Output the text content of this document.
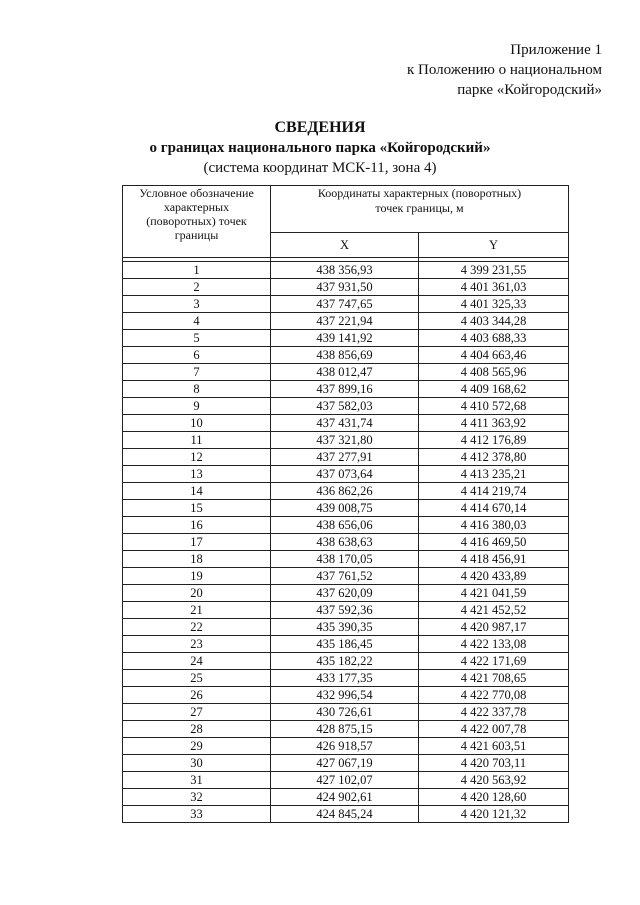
Приложение 1
к Положению о национальном
парке «Койгородский»
СВЕДЕНИЯ
о границах национального парка «Койгородский»
(система координат МСК-11, зона 4)
Условное обозначение
характерных
(поворотных) точек
границы	Координаты характерных (поворотных)
точек границы, м	

	X	Y

1	438 356,93	4 399 231,55
2	437 931,50	4 401 361,03
3	437 747,65	4 401 325,33
4	437 221,94	4 403 344,28
5	439 141,92	4 403 688,33
6	438 856,69	4 404 663,46
7	438 012,47	4 408 565,96
8	437 899,16	4 409 168,62
9	437 582,03	4 410 572,68
10	437 431,74	4 411 363,92
11	437 321,80	4 412 176,89
12	437 277,91	4 412 378,80
13	437 073,64	4 413 235,21
14	436 862,26	4 414 219,74
15	439 008,75	4 414 670,14
16	438 656,06	4 416 380,03
17	438 638,63	4 416 469,50
18	438 170,05	4 418 456,91
19	437 761,52	4 420 433,89
20	437 620,09	4 421 041,59
21	437 592,36	4 421 452,52
22	435 390,35	4 420 987,17
23	435 186,45	4 422 133,08
24	435 182,22	4 422 171,69
25	433 177,35	4 421 708,65
26	432 996,54	4 422 770,08
27	430 726,61	4 422 337,78
28	428 875,15	4 422 007,78
29	426 918,57	4 421 603,51
30	427 067,19	4 420 703,11
31	427 102,07	4 420 563,92
32	424 902,61	4 420 128,60
33	424 845,24	4 420 121,32
